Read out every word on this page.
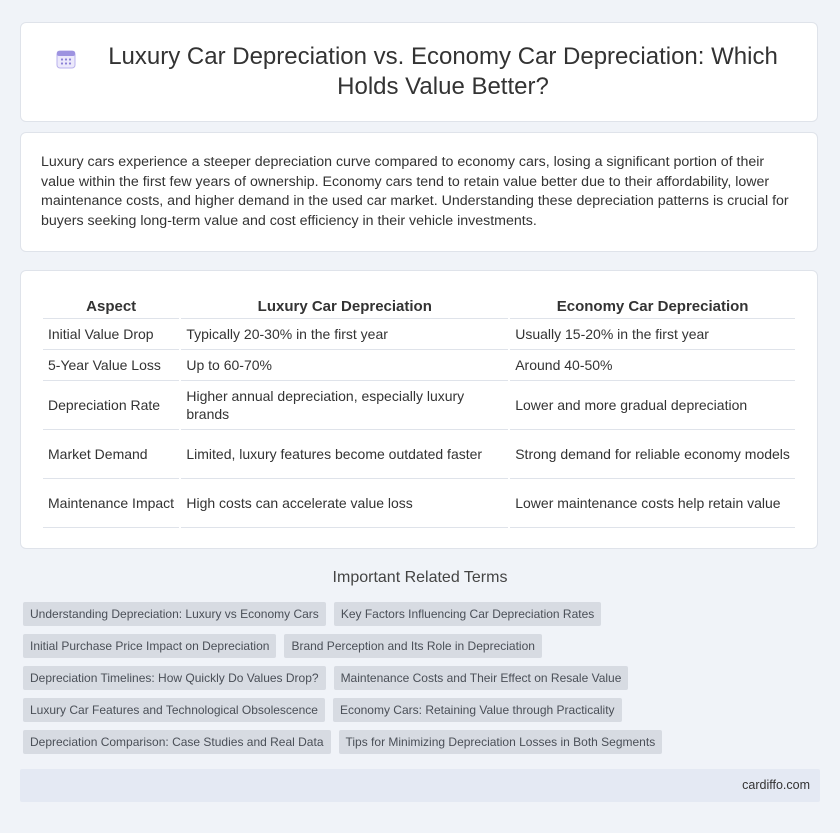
Luxury Car Depreciation vs. Economy Car Depreciation: Which Holds Value Better?

Luxury cars experience a steeper depreciation curve compared to economy cars, losing a significant portion of their value within the first few years of ownership. Economy cars tend to retain value better due to their affordability, lower maintenance costs, and higher demand in the used car market. Understanding these depreciation patterns is crucial for buyers seeking long-term value and cost efficiency in their vehicle investments.

Aspect	Luxury Car Depreciation	Economy Car Depreciation
Initial Value Drop	Typically 20-30% in the first year	Usually 15-20% in the first year
5-Year Value Loss	Up to 60-70%	Around 40-50%
Depreciation Rate	Higher annual depreciation, especially luxury brands	Lower and more gradual depreciation
Market Demand	Limited, luxury features become outdated faster	Strong demand for reliable economy models
Maintenance Impact	High costs can accelerate value loss	Lower maintenance costs help retain value
Important Related Terms
Understanding Depreciation: Luxury vs Economy Cars	Key Factors Influencing Car Depreciation Rates
Initial Purchase Price Impact on Depreciation	Brand Perception and Its Role in Depreciation
Depreciation Timelines: How Quickly Do Values Drop?	Maintenance Costs and Their Effect on Resale Value
Luxury Car Features and Technological Obsolescence	Economy Cars: Retaining Value through Practicality
Depreciation Comparison: Case Studies and Real Data	Tips for Minimizing Depreciation Losses in Both Segments
cardiffo.com
